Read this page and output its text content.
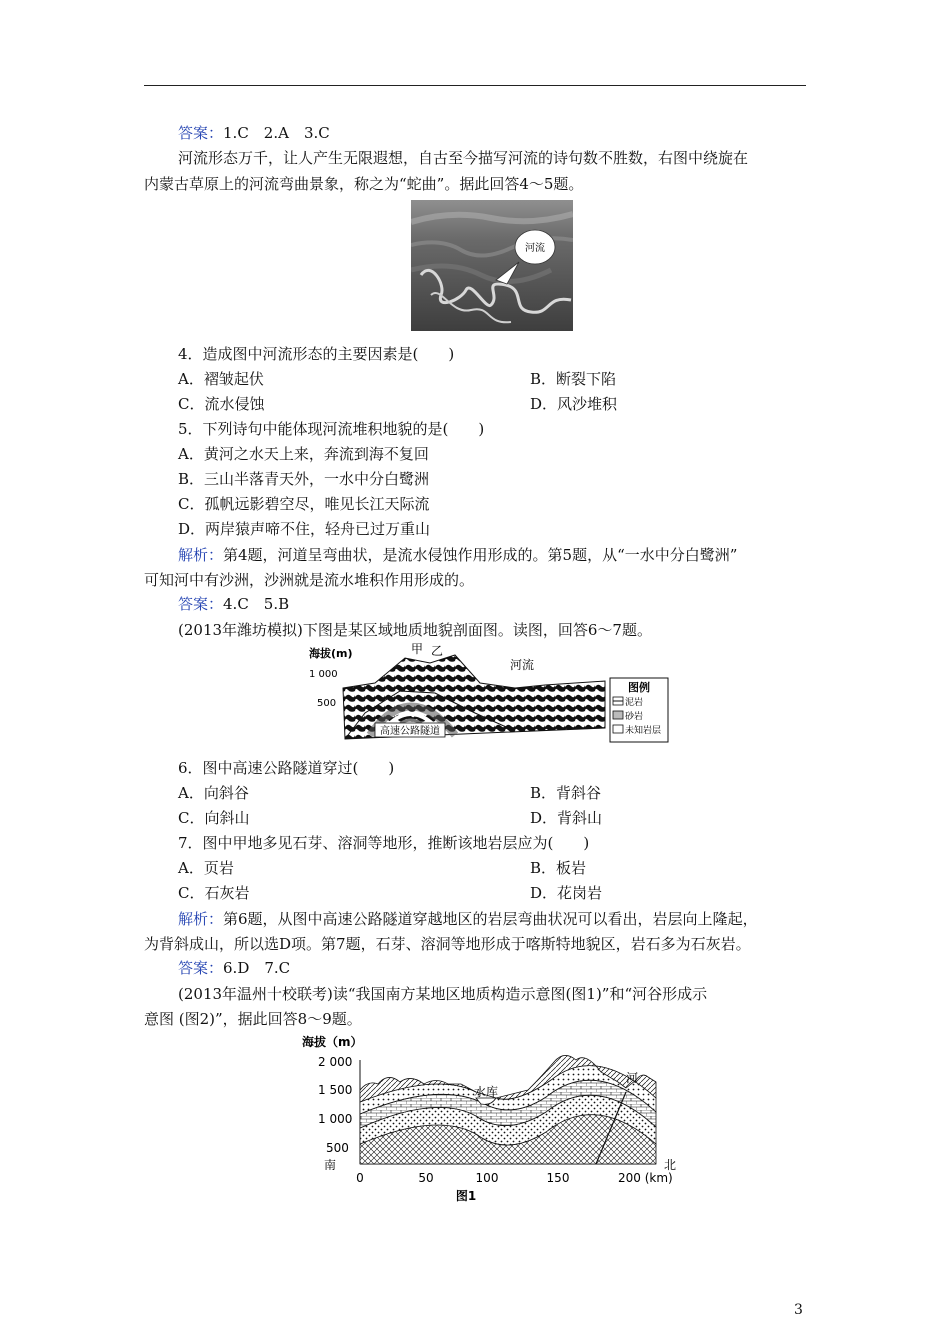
答案：1.C　2.A　3.C
河流形态万千，让人产生无限遐想，自古至今描写河流的诗句数不胜数，右图中绕旋在
内蒙古草原上的河流弯曲景象，称之为“蛇曲”。据此回答4～5题。
河流
4．造成图中河流形态的主要因素是(　　)
A．褶皱起伏	B．断裂下陷
C．流水侵蚀	D．风沙堆积
5．下列诗句中能体现河流堆积地貌的是(　　)
A．黄河之水天上来，奔流到海不复回
B．三山半落青天外，一水中分白鹭洲
C．孤帆远影碧空尽，唯见长江天际流
D．两岸猿声啼不住，轻舟已过万重山
解析：第4题，河道呈弯曲状，是流水侵蚀作用形成的。第5题，从“一水中分白鹭洲”
可知河中有沙洲，沙洲就是流水堆积作用形成的。
答案：4.C　5.B
(2013年潍坊模拟)下图是某区域地质地貌剖面图。读图，回答6～7题。
海拔(m)
1 000
500
甲 乙
河流
高速公路隧道
图例
泥岩
砂岩
未知岩层
6．图中高速公路隧道穿过(　　)
A．向斜谷	B．背斜谷
C．向斜山	D．背斜山
7．图中甲地多见石芽、溶洞等地形，推断该地岩层应为(　　)
A．页岩	B．板岩
C．石灰岩	D．花岗岩
解析：第6题，从图中高速公路隧道穿越地区的岩层弯曲状况可以看出，岩层向上隆起，
为背斜成山，所以选D项。第7题，石芽、溶洞等地形成于喀斯特地貌区，岩石多为石灰岩。
答案：6.D　7.C
(2013年温州十校联考)读“我国南方某地区地质构造示意图(图1)”和“河谷形成示
意图 (图2)”，据此回答8～9题。
海拔（m）
2 000
1 500
1 000
500
南	北
水库
河
0	50	100	150	200 (km)
图1
3
